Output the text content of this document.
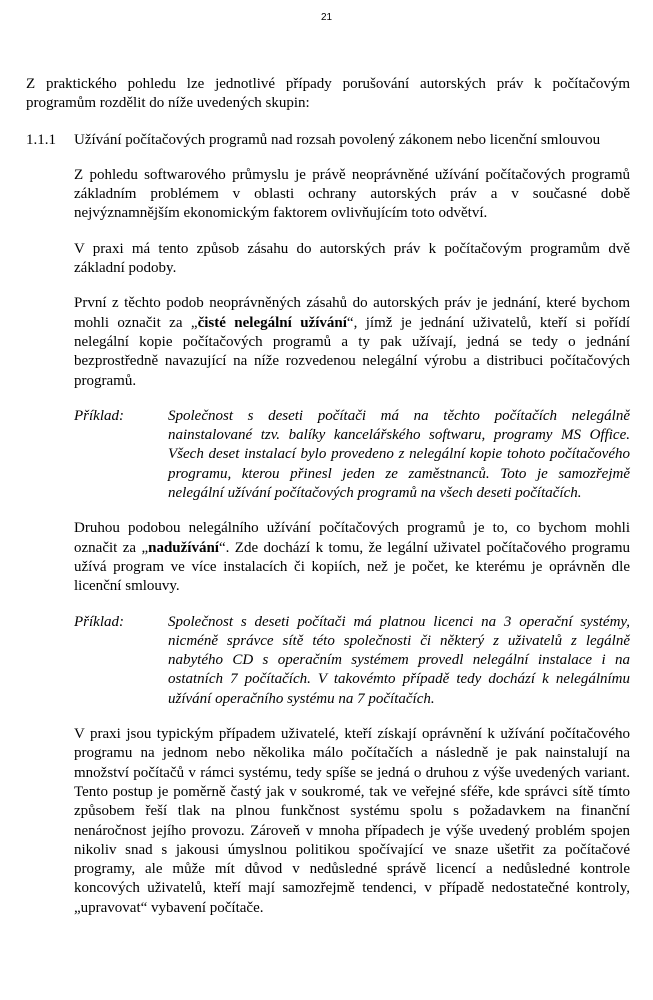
21

Z praktického pohledu lze jednotlivé případy porušování autorských práv k počítačovým programům rozdělit do níže uvedených skupin:

1.1.1	Užívání počítačových programů nad rozsah povolený zákonem nebo licenční smlouvou

Z pohledu softwarového průmyslu je právě neoprávněné užívání počítačových programů základním problémem v oblasti ochrany autorských práv a v současné době nejvýznamnějším ekonomickým faktorem ovlivňujícím toto odvětví.

V praxi má tento způsob zásahu do autorských práv k počítačovým programům dvě základní podoby.

První z těchto podob neoprávněných zásahů do autorských práv je jednání, které bychom mohli označit za „čisté nelegální užívání“, jímž je jednání uživatelů, kteří si pořídí nelegální kopie počítačových programů a ty pak užívají, jedná se tedy o jednání bezprostředně navazující na níže rozvedenou nelegální výrobu a distribuci počítačových programů.

Příklad:	Společnost s deseti počítači má na těchto počítačích nelegálně nainstalované tzv. balíky kancelářského softwaru, programy MS Office. Všech deset instalací bylo provedeno z nelegální kopie tohoto počítačového programu, kterou přinesl jeden ze zaměstnanců. Toto je samozřejmě nelegální užívání počítačových programů na všech deseti počítačích.

Druhou podobou nelegálního užívání počítačových programů je to, co bychom mohli označit za „nadužívání“. Zde dochází k tomu, že legální uživatel počítačového programu užívá program ve více instalacích či kopiích, než je počet, ke kterému je oprávněn dle licenční smlouvy.

Příklad:	Společnost s deseti počítači má platnou licenci na 3 operační systémy, nicméně správce sítě této společnosti či některý z uživatelů z legálně nabytého CD s operačním systémem provedl nelegální instalace i na ostatních 7 počítačích. V takovémto případě tedy dochází k nelegálnímu užívání operačního systému na 7 počítačích.

V praxi jsou typickým případem uživatelé, kteří získají oprávnění k užívání počítačového programu na jednom nebo několika málo počítačích a následně je pak nainstalují na množství počítačů v rámci systému, tedy spíše se jedná o druhou z výše uvedených variant. Tento postup je poměrně častý jak v soukromé, tak ve veřejné sféře, kde správci sítě tímto způsobem řeší tlak na plnou funkčnost systému spolu s požadavkem na finanční nenáročnost jejího provozu. Zároveň v mnoha případech je výše uvedený problém spojen nikoliv snad s jakousi úmyslnou politikou spočívající ve snaze ušetřit za počítačové programy, ale může mít důvod v nedůsledné správě licencí a nedůsledné kontrole koncových uživatelů, kteří mají samozřejmě tendenci, v případě nedostatečné kontroly, „upravovat“ vybavení počítače.
